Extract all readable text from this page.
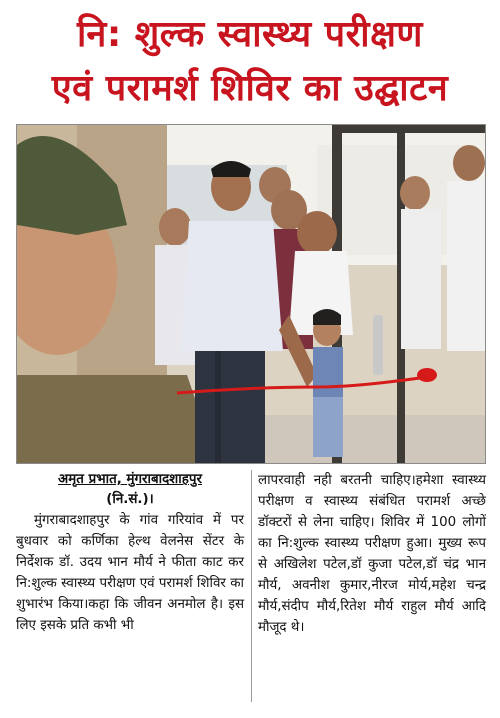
नि: शुल्क स्वास्थ्य परीक्षण
एवं परामर्श शिविर का उद्घाटन
अमृत प्रभात, मुंगराबादशाहपुर
(नि.सं.)।

मुंगराबादशाहपुर के गांव गरियांव में पर बुधवार को कर्णिका हेल्थ वेलनेस सेंटर के निर्देशक डॉ. उदय भान मौर्य ने फीता काट कर नि:शुल्क स्वास्थ्य परीक्षण एवं परामर्श शिविर का शुभारंभ किया।कहा कि जीवन अनमोल है। इस लिए इसके प्रति कभी भी

लापरवाही नही बरतनी चाहिए।हमेशा स्वास्थ्य परीक्षण व स्वास्थ्य संबंधित परामर्श अच्छे डॉक्टरों से लेना चाहिए। शिविर में 100 लोगों का नि:शुल्क स्वास्थ्य परीक्षण हुआ। मुख्य रूप से अखिलेश पटेल,डॉ कुजा पटेल,डॉ चंद्र भान मौर्य, अवनीश कुमार,नीरज मोर्य,महेश चन्द्र मौर्य,संदीप मौर्य,रितेश मौर्य राहुल मौर्य आदि मौजूद थे।
